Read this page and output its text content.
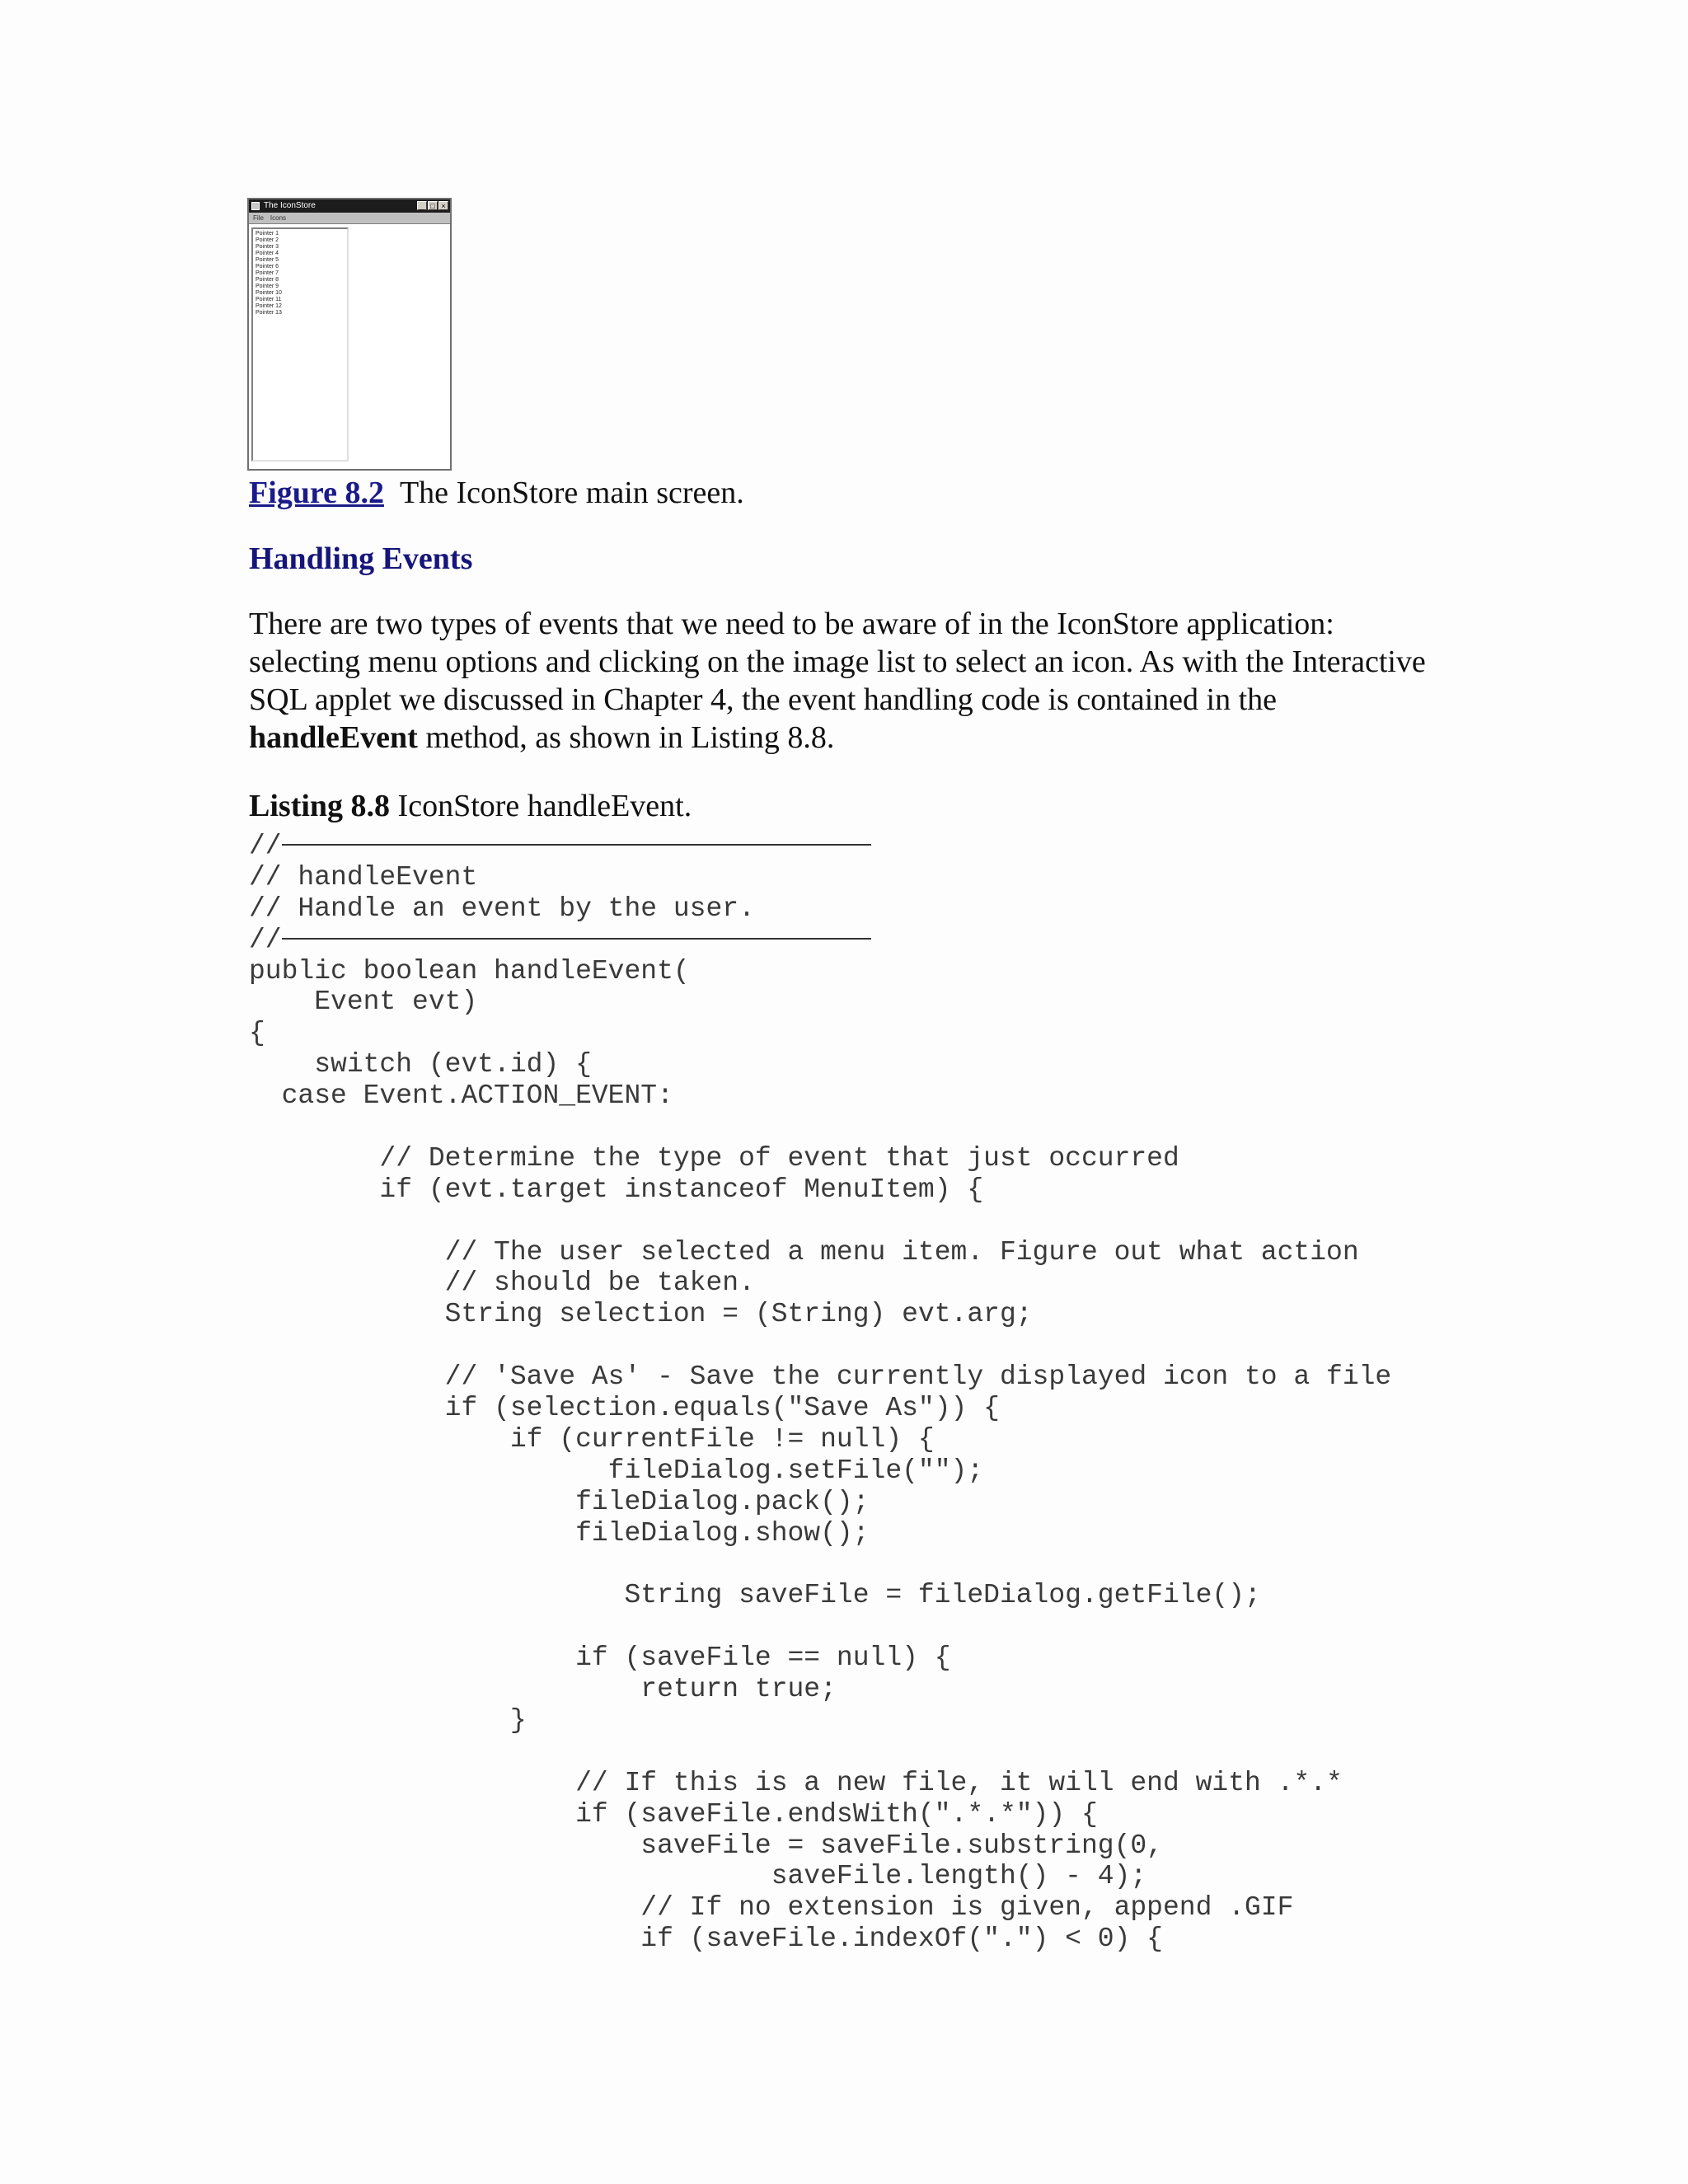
The IconStore	_ □ ×
File Icons
Pointer 1
Pointer 2
Pointer 3
Pointer 4
Pointer 5
Pointer 6
Pointer 7
Pointer 8
Pointer 9
Pointer 10
Pointer 11
Pointer 12
Pointer 13
Figure 8.2 The IconStore main screen.
Handling Events

There are two types of events that we need to be aware of in the IconStore application: selecting menu options and clicking on the image list to select an icon. As with the Interactive SQL applet we discussed in Chapter 4, the event handling code is contained in the handleEvent method, as shown in Listing 8.8.

Listing 8.8 IconStore handleEvent.

//
// handleEvent
// Handle an event by the user.
//
public boolean handleEvent(
Event evt)
{
switch (evt.id) {
case Event.ACTION_EVENT:
// Determine the type of event that just occurred
if (evt.target instanceof MenuItem) {
// The user selected a menu item. Figure out what action
// should be taken.
String selection = (String) evt.arg;
// 'Save As' - Save the currently displayed icon to a file
if (selection.equals("Save As")) {
if (currentFile != null) {
fileDialog.setFile("");
fileDialog.pack();
fileDialog.show();
String saveFile = fileDialog.getFile();
if (saveFile == null) {
return true;
}
// If this is a new file, it will end with .*.*
if (saveFile.endsWith(".*.*")) {
saveFile = saveFile.substring(0,
saveFile.length() - 4);
// If no extension is given, append .GIF
if (saveFile.indexOf(".") < 0) {
